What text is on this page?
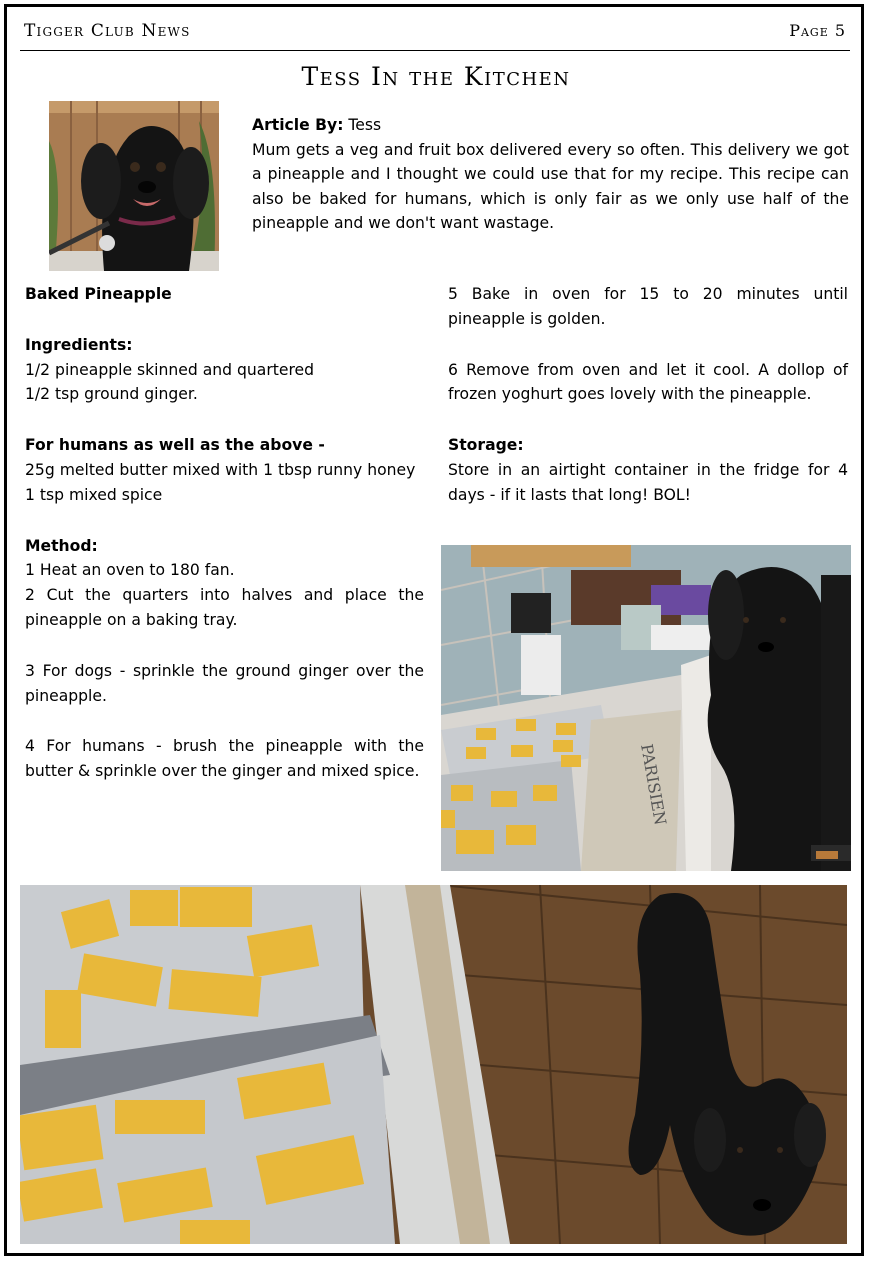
Tigger Club News	Page 5
Tess In the Kitchen
Article By: Tess
Mum gets a veg and fruit box delivered every so often. This delivery we got a pineapple and I thought we could use that for my recipe. This recipe can also be baked for humans, which is only fair as we only use half of the pineapple and we don't want wastage.

Baked Pineapple

Ingredients:

1/2 pineapple skinned and quartered

1/2 tsp ground ginger.

For humans as well as the above -

25g melted butter mixed with 1 tbsp runny honey

1 tsp mixed spice

Method:

1 Heat an oven to 180 fan.

2 Cut the quarters into halves and place the pineapple on a baking tray.

3 For dogs - sprinkle the ground ginger over the pineapple.

4 For humans - brush the pineapple with the butter & sprinkle over the ginger and mixed spice.

5 Bake in oven for 15 to 20 minutes until pineapple is golden.

6 Remove from oven and let it cool. A dollop of frozen yoghurt goes lovely with the pineapple.

Storage:

Store in an airtight container in the fridge for 4 days - if it lasts that long! BOL!

PARISIEN
